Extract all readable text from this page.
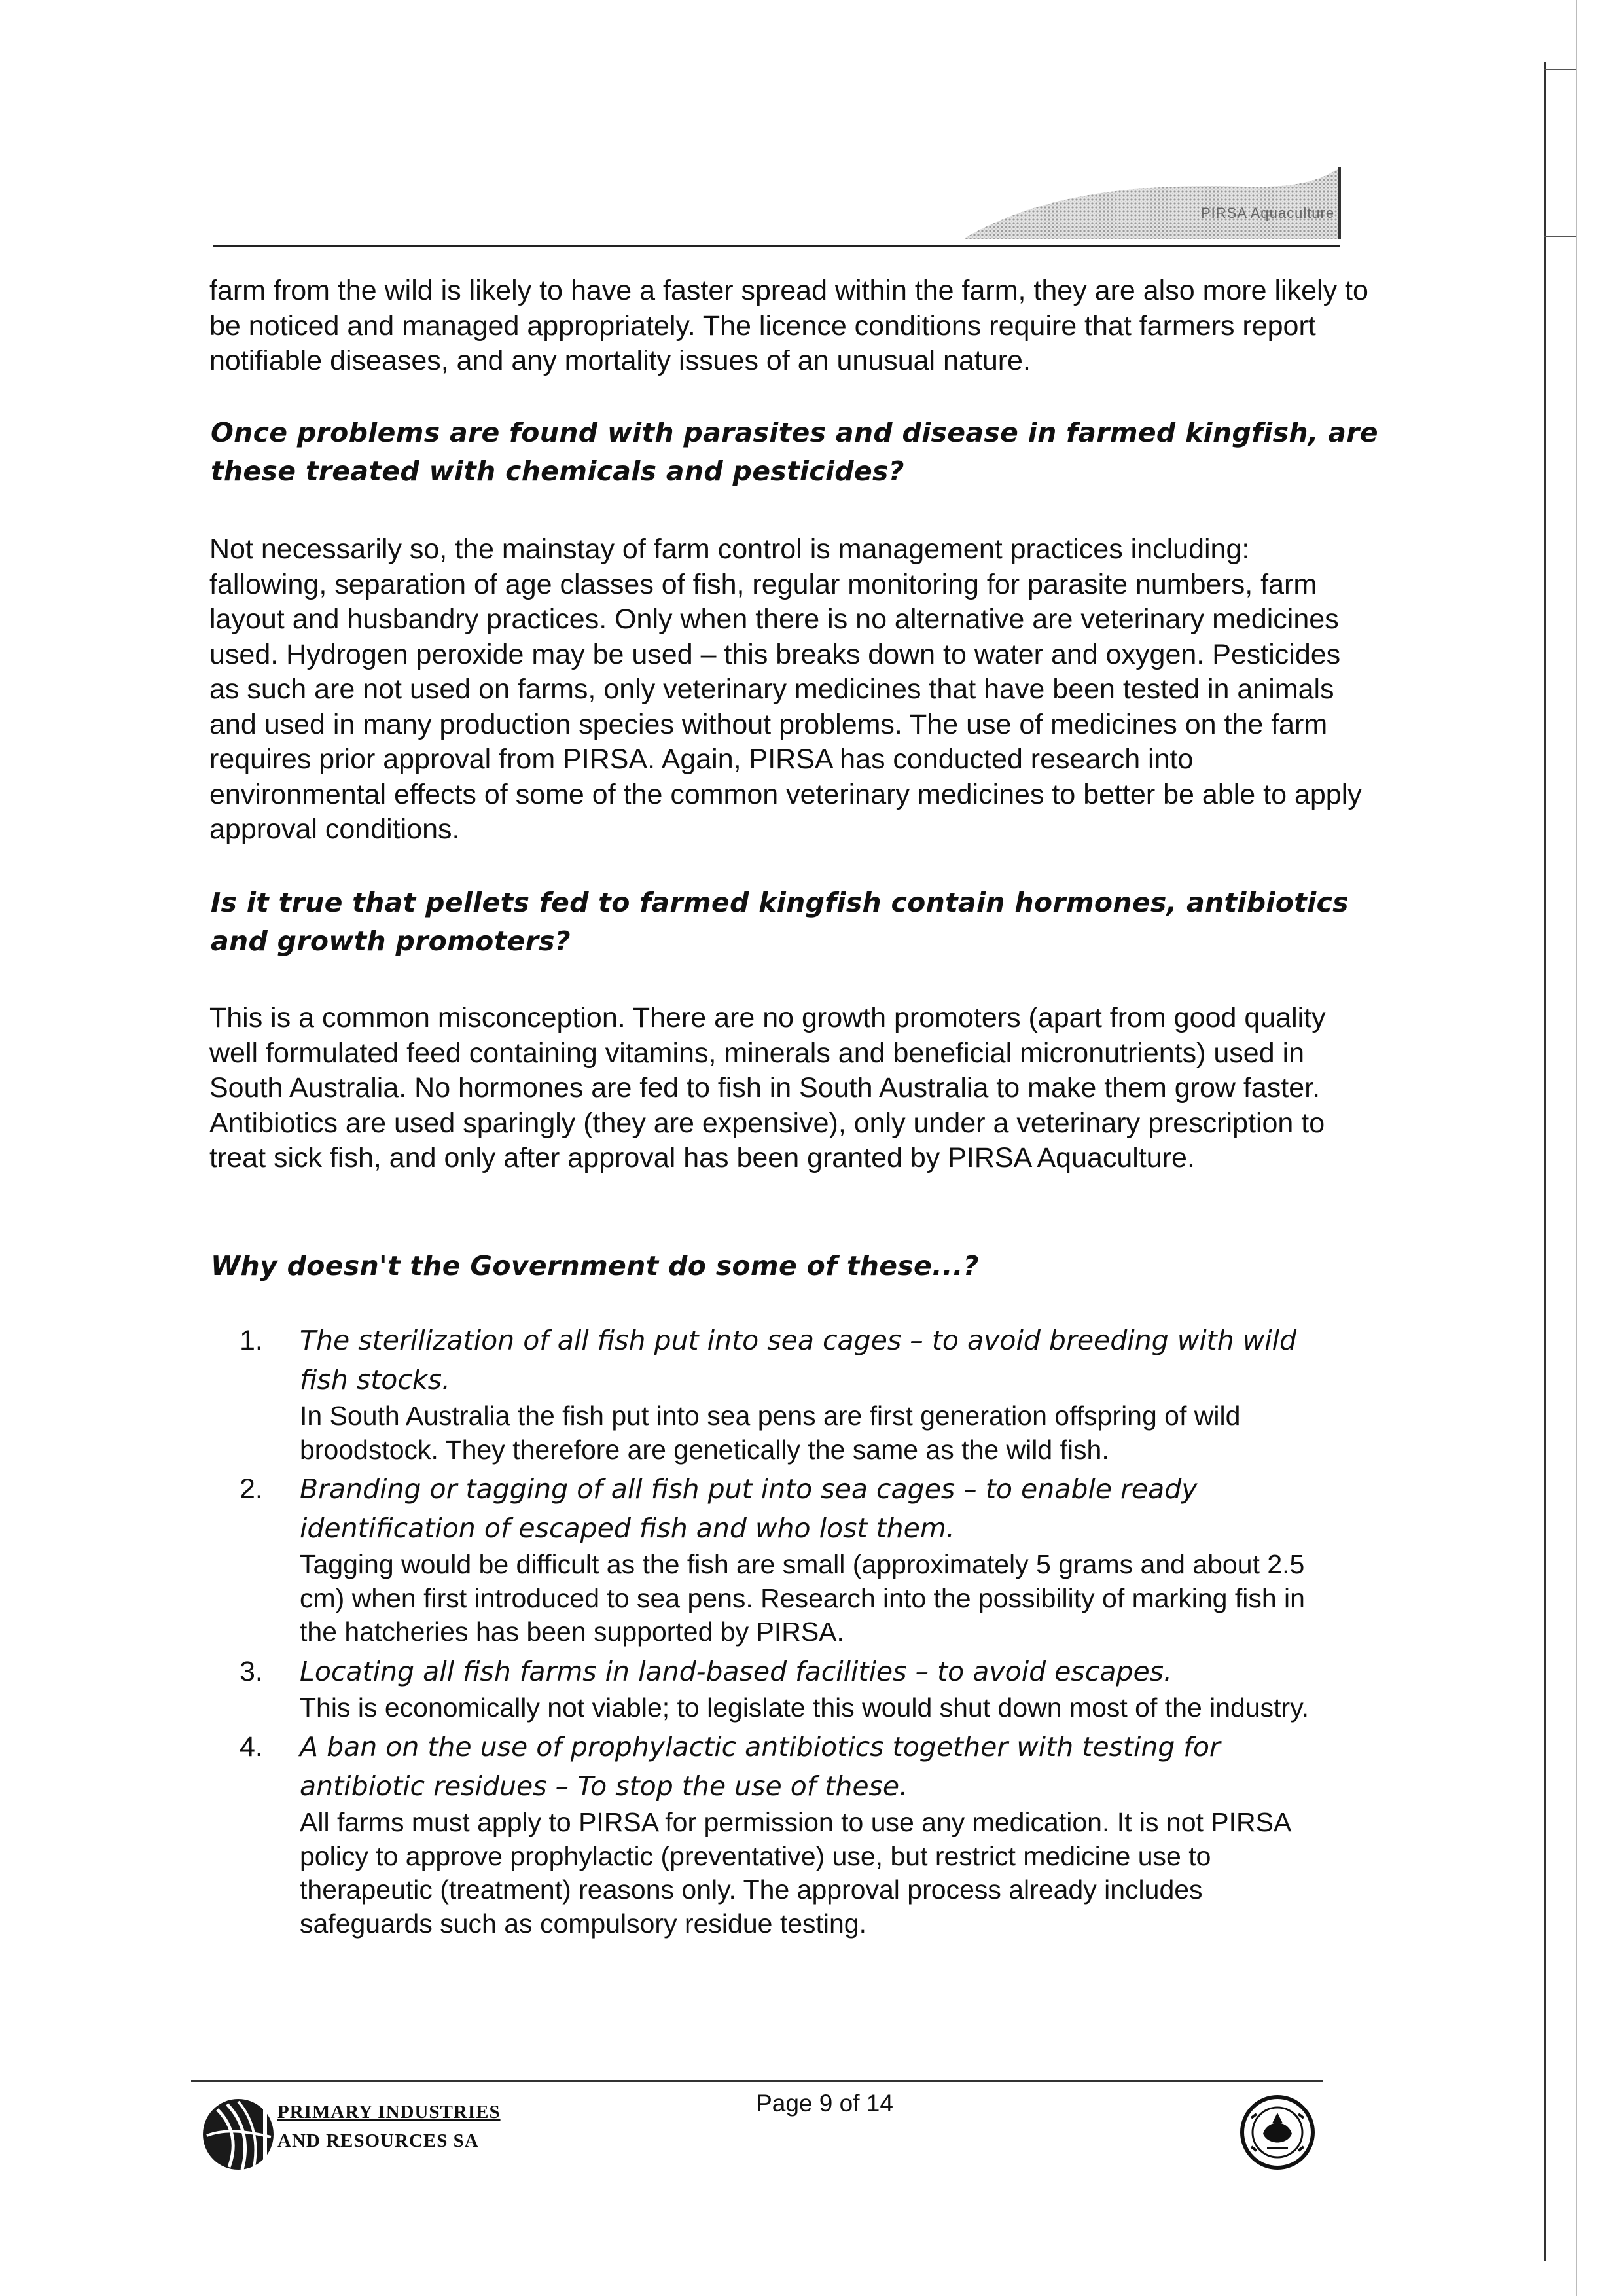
PIRSA Aquaculture

farm from the wild is likely to have a faster spread within the farm, they are also more likely to be noticed and managed appropriately. The licence conditions require that farmers report notifiable diseases, and any mortality issues of an unusual nature.

Once problems are found with parasites and disease in farmed kingfish, are these treated with chemicals and pesticides?

Not necessarily so, the mainstay of farm control is management practices including: fallowing, separation of age classes of fish, regular monitoring for parasite numbers, farm layout and husbandry practices. Only when there is no alternative are veterinary medicines used. Hydrogen peroxide may be used – this breaks down to water and oxygen. Pesticides as such are not used on farms, only veterinary medicines that have been tested in animals and used in many production species without problems. The use of medicines on the farm requires prior approval from PIRSA. Again, PIRSA has conducted research into environmental effects of some of the common veterinary medicines to better be able to apply approval conditions.

Is it true that pellets fed to farmed kingfish contain hormones, antibiotics and growth promoters?

This is a common misconception. There are no growth promoters (apart from good quality well formulated feed containing vitamins, minerals and beneficial micronutrients) used in South Australia. No hormones are fed to fish in South Australia to make them grow faster. Antibiotics are used sparingly (they are expensive), only under a veterinary prescription to treat sick fish, and only after approval has been granted by PIRSA Aquaculture.

Why doesn't the Government do some of these...?

1. The sterilization of all fish put into sea cages – to avoid breeding with wild fish stocks.
In South Australia the fish put into sea pens are first generation offspring of wild broodstock. They therefore are genetically the same as the wild fish.
2. Branding or tagging of all fish put into sea cages – to enable ready identification of escaped fish and who lost them.
Tagging would be difficult as the fish are small (approximately 5 grams and about 2.5 cm) when first introduced to sea pens. Research into the possibility of marking fish in the hatcheries has been supported by PIRSA.
3. Locating all fish farms in land-based facilities – to avoid escapes.
This is economically not viable; to legislate this would shut down most of the industry.
4. A ban on the use of prophylactic antibiotics together with testing for antibiotic residues – To stop the use of these.
All farms must apply to PIRSA for permission to use any medication. It is not PIRSA policy to approve prophylactic (preventative) use, but restrict medicine use to therapeutic (treatment) reasons only. The approval process already includes safeguards such as compulsory residue testing.
PRIMARY INDUSTRIES
AND RESOURCES SA
Page 9 of 14
